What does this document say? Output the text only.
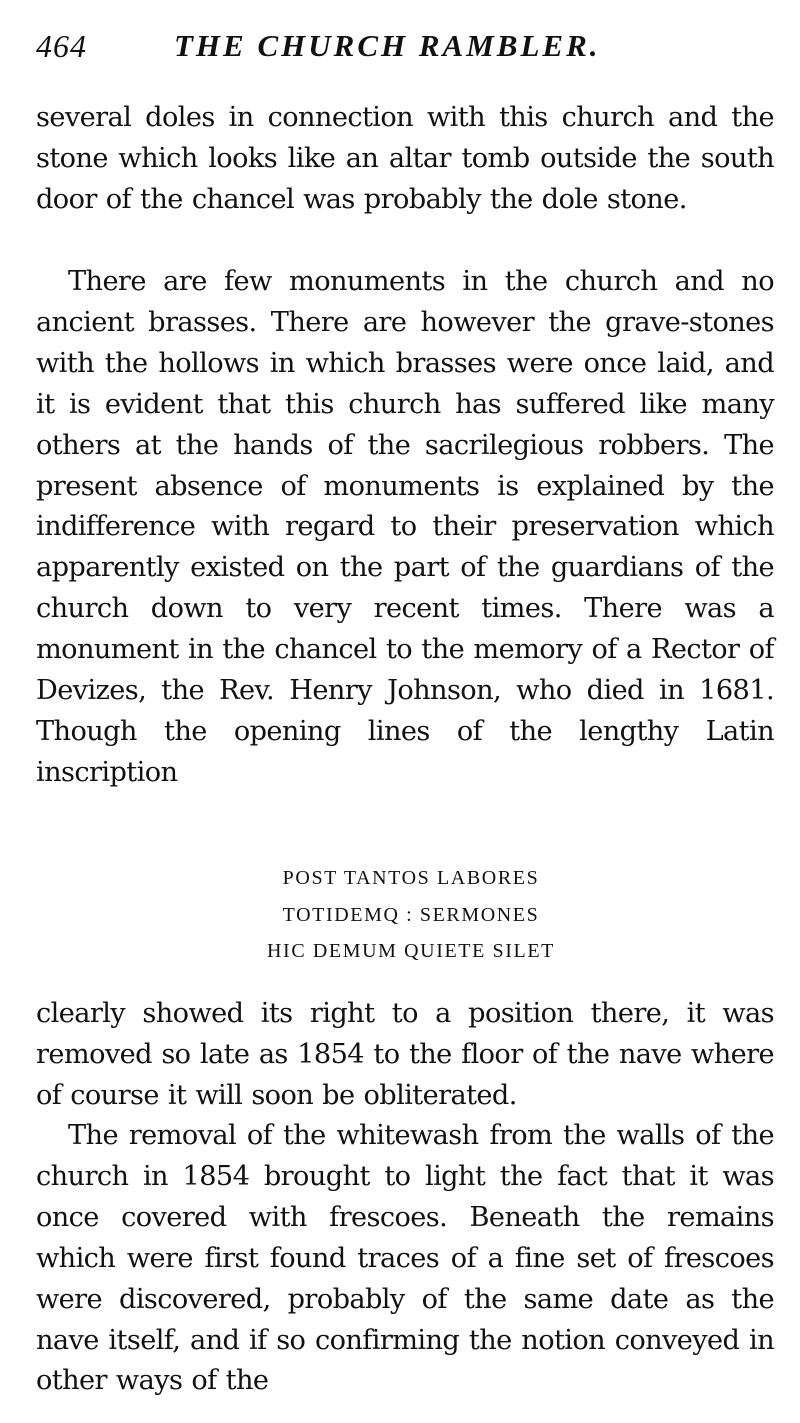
464	THE CHURCH RAMBLER.

several doles in connection with this church and the stone which looks like an altar tomb outside the south door of the chancel was probably the dole stone.

There are few monuments in the church and no ancient brasses. There are however the grave-stones with the hollows in which brasses were once laid, and it is evident that this church has suffered like many others at the hands of the sacrilegious robbers. The present absence of monuments is explained by the indifference with regard to their preservation which apparently existed on the part of the guardians of the church down to very recent times. There was a monument in the chancel to the memory of a Rector of Devizes, the Rev. Henry Johnson, who died in 1681. Though the opening lines of the lengthy Latin inscription

POST TANTOS LABORES
TOTIDEMQ : SERMONES
HIC DEMUM QUIETE SILET

clearly showed its right to a position there, it was removed so late as 1854 to the floor of the nave where of course it will soon be obliterated.

The removal of the whitewash from the walls of the church in 1854 brought to light the fact that it was once covered with frescoes. Beneath the remains which were first found traces of a fine set of frescoes were discovered, probably of the same date as the nave itself, and if so confirming the notion conveyed in other ways of the
